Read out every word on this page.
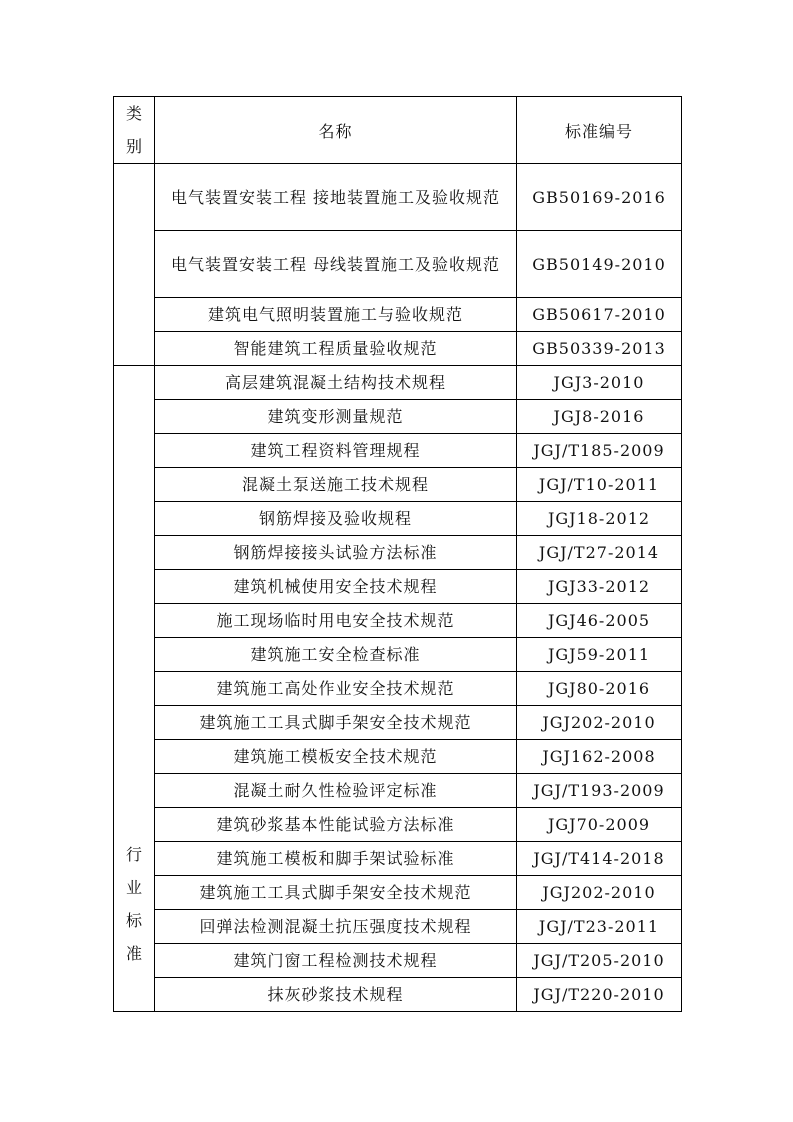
类别	名称	标准编号

	电气装置安装工程 接地装置施工及验收规范	GB50169-2016
	电气装置安装工程 母线装置施工及验收规范	GB50149-2010
	建筑电气照明装置施工与验收规范	GB50617-2010
	智能建筑工程质量验收规范	GB50339-2013

行业标准	高层建筑混凝土结构技术规程	JGJ3-2010
	建筑变形测量规范	JGJ8-2016
	建筑工程资料管理规程	JGJ/T185-2009
	混凝土泵送施工技术规程	JGJ/T10-2011
	钢筋焊接及验收规程	JGJ18-2012
	钢筋焊接接头试验方法标准	JGJ/T27-2014
	建筑机械使用安全技术规程	JGJ33-2012
	施工现场临时用电安全技术规范	JGJ46-2005
	建筑施工安全检查标准	JGJ59-2011
	建筑施工高处作业安全技术规范	JGJ80-2016
	建筑施工工具式脚手架安全技术规范	JGJ202-2010
	建筑施工模板安全技术规范	JGJ162-2008
	混凝土耐久性检验评定标准	JGJ/T193-2009
	建筑砂浆基本性能试验方法标准	JGJ70-2009
	建筑施工模板和脚手架试验标准	JGJ/T414-2018
	建筑施工工具式脚手架安全技术规范	JGJ202-2010
	回弹法检测混凝土抗压强度技术规程	JGJ/T23-2011
	建筑门窗工程检测技术规程	JGJ/T205-2010
	抹灰砂浆技术规程	JGJ/T220-2010
